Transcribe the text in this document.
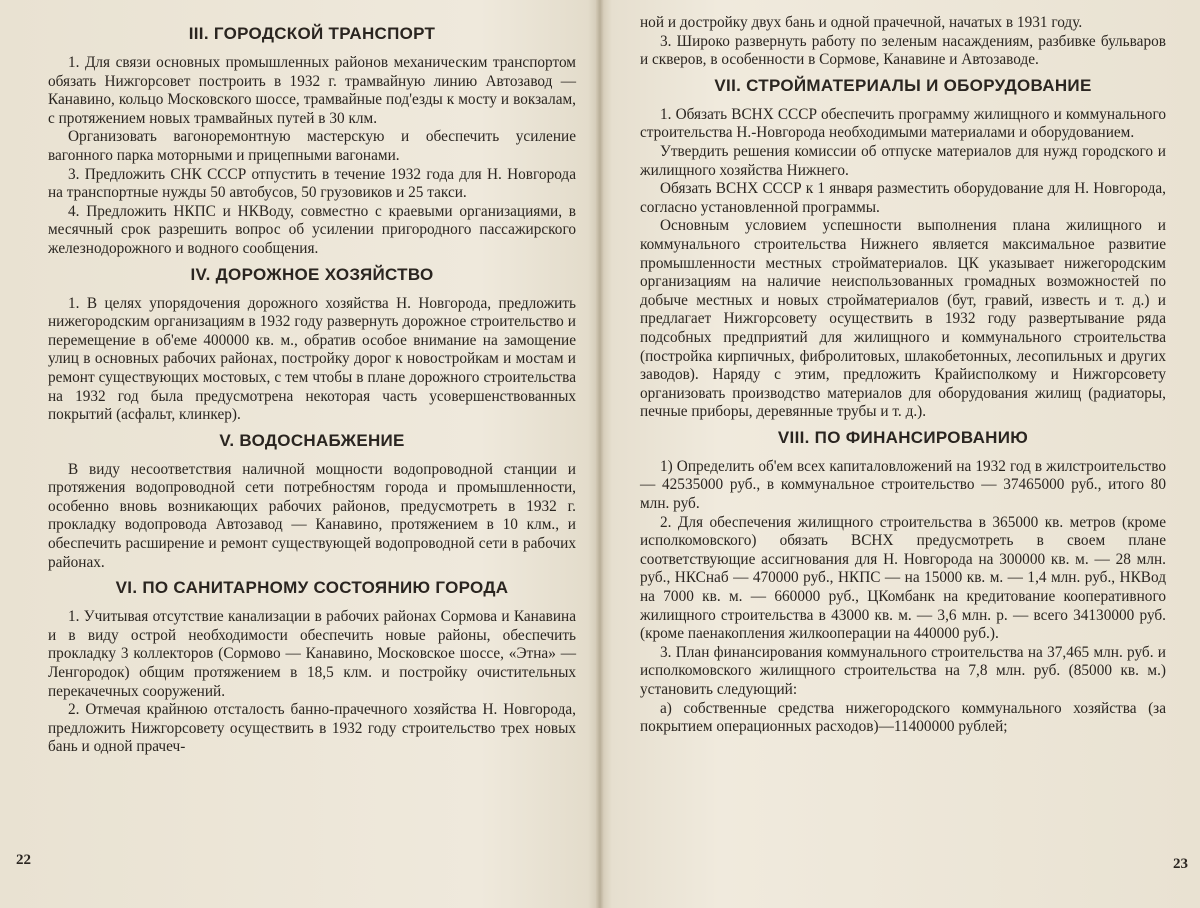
III. ГОРОДСКОЙ ТРАНСПОРТ

1. Для связи основных промышленных районов механическим транспортом обязать Нижгорсовет построить в 1932 г. трамвайную линию Автозавод — Канавино, кольцо Московского шоссе, трамвайные под'езды к мосту и вокзалам, с протяжением новых трамвайных путей в 30 клм.

Организовать вагоноремонтную мастерскую и обеспечить усиление вагонного парка моторными и прицепными вагонами.

3. Предложить СНК СССР отпустить в течение 1932 года для Н. Новгорода на транспортные нужды 50 автобусов, 50 грузовиков и 25 такси.

4. Предложить НКПС и НКВоду, совместно с краевыми организациями, в месячный срок разрешить вопрос об усилении пригородного пассажирского железнодорожного и водного сообщения.

IV. ДОРОЖНОЕ ХОЗЯЙСТВО

1. В целях упорядочения дорожного хозяйства Н. Новгорода, предложить нижегородским организациям в 1932 году развернуть дорожное строительство и перемещение в об'еме 400000 кв. м., обратив особое внимание на замощение улиц в основных рабочих районах, постройку дорог к новостройкам и мостам и ремонт существующих мостовых, с тем чтобы в плане дорожного строительства на 1932 год была предусмотрена некоторая часть усовершенствованных покрытий (асфальт, клинкер).

V. ВОДОСНАБЖЕНИЕ

В виду несоответствия наличной мощности водопроводной станции и протяжения водопроводной сети потребностям города и промышленности, особенно вновь возникающих рабочих районов, предусмотреть в 1932 г. прокладку водопровода Автозавод — Канавино, протяжением в 10 клм., и обеспечить расширение и ремонт существующей водопроводной сети в рабочих районах.

VI. ПО САНИТАРНОМУ СОСТОЯНИЮ ГОРОДА

1. Учитывая отсутствие канализации в рабочих районах Сормова и Канавина и в виду острой необходимости обеспечить новые районы, обеспечить прокладку 3 коллекторов (Сормово — Канавино, Московское шоссе, «Этна» — Ленгородок) общим протяжением в 18,5 клм. и постройку очистительных перекачечных сооружений.

2. Отмечая крайнюю отсталость банно-прачечного хозяйства Н. Новгорода, предложить Нижгорсовету осуществить в 1932 году строительство трех новых бань и одной прачеч-

22

ной и достройку двух бань и одной прачечной, начатых в 1931 году.

3. Широко развернуть работу по зеленым насаждениям, разбивке бульваров и скверов, в особенности в Сормове, Канавине и Автозаводе.

VII. СТРОЙМАТЕРИАЛЫ И ОБОРУДОВАНИЕ

1. Обязать ВСНХ СССР обеспечить программу жилищного и коммунального строительства Н.-Новгорода необходимыми материалами и оборудованием.

Утвердить решения комиссии об отпуске материалов для нужд городского и жилищного хозяйства Нижнего.

Обязать ВСНХ СССР к 1 января разместить оборудование для Н. Новгорода, согласно установленной программы.

Основным условием успешности выполнения плана жилищного и коммунального строительства Нижнего является максимальное развитие промышленности местных стройматериалов. ЦК указывает нижегородским организациям на наличие неиспользованных громадных возможностей по добыче местных и новых стройматериалов (бут, гравий, известь и т. д.) и предлагает Нижгорсовету осуществить в 1932 году развертывание ряда подсобных предприятий для жилищного и коммунального строительства (постройка кирпичных, фибролитовых, шлакобетонных, лесопильных и других заводов). Наряду с этим, предложить Крайисполкому и Нижгорсовету организовать производство материалов для оборудования жилищ (радиаторы, печные приборы, деревянные трубы и т. д.).

VIII. ПО ФИНАНСИРОВАНИЮ

1) Определить об'ем всех капиталовложений на 1932 год в жилстроительство — 42535000 руб., в коммунальное строительство — 37465000 руб., итого 80 млн. руб.

2. Для обеспечения жилищного строительства в 365000 кв. метров (кроме исполкомовского) обязать ВСНХ предусмотреть в своем плане соответствующие ассигнования для Н. Новгорода на 300000 кв. м. — 28 млн. руб., НКСнаб — 470000 руб., НКПС — на 15000 кв. м. — 1,4 млн. руб., НКВод на 7000 кв. м. — 660000 руб., ЦКомбанк на кредитование кооперативного жилищного строительства в 43000 кв. м. — 3,6 млн. р. — всего 34130000 руб. (кроме паенакопления жилкооперации на 440000 руб.).

3. План финансирования коммунального строительства на 37,465 млн. руб. и исполкомовского жилищного строительства на 7,8 млн. руб. (85000 кв. м.) установить следующий:

а) собственные средства нижегородского коммунального хозяйства (за покрытием операционных расходов)—11400000 рублей;

23
